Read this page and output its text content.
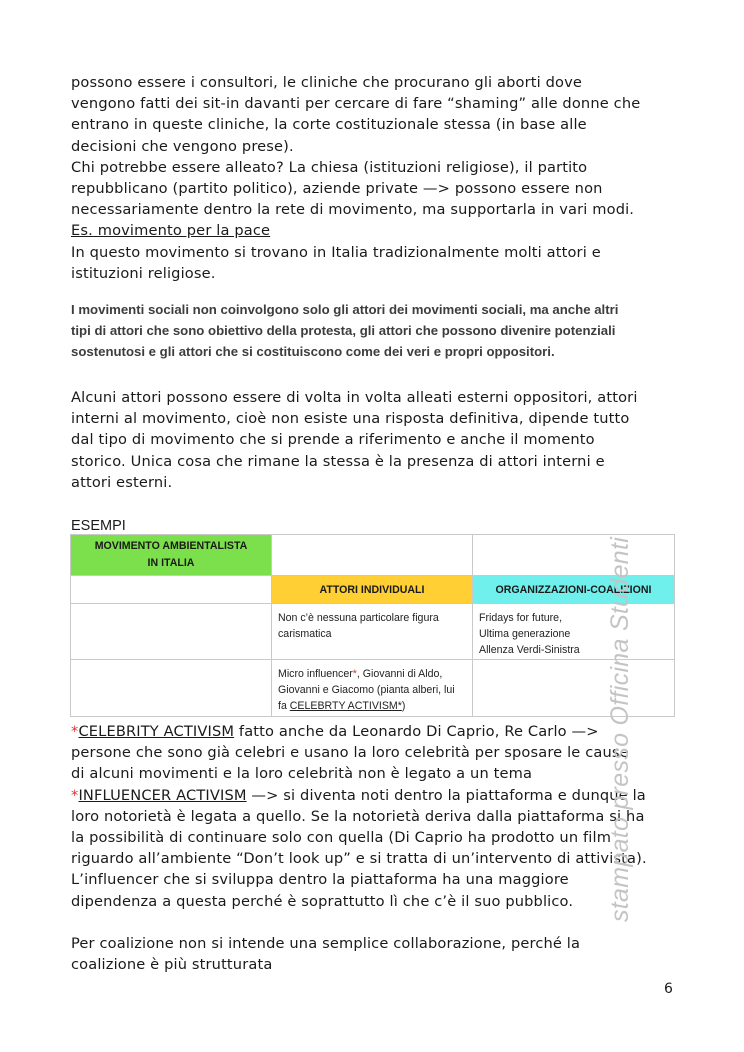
possono essere i consultori, le cliniche che procurano gli aborti dove

vengono fatti dei sit-in davanti per cercare di fare “shaming” alle donne che

entrano in queste cliniche, la corte costituzionale stessa (in base alle

decisioni che vengono prese).

Chi potrebbe essere alleato? La chiesa (istituzioni religiose), il partito

repubblicano (partito politico), aziende private —> possono essere non

necessariamente dentro la rete di movimento, ma supportarla in vari modi.

Es. movimento per la pace

In questo movimento si trovano in Italia tradizionalmente molti attori e

istituzioni religiose.

I movimenti sociali non coinvolgono solo gli attori dei movimenti sociali, ma anche altri
tipi di attori che sono obiettivo della protesta, gli attori che possono divenire potenziali
sostenutosi e gli attori che si costituiscono come dei veri e propri oppositori.

Alcuni attori possono essere di volta in volta alleati esterni oppositori, attori

interni al movimento, cioè non esiste una risposta definitiva, dipende tutto

dal tipo di movimento che si prende a riferimento e anche il momento

storico. Unica cosa che rimane la stessa è la presenza di attori interni e

attori esterni.

ESEMPI
MOVIMENTO AMBIENTALISTA IN ITALIA		
	ATTORI INDIVIDUALI	ORGANIZZAZIONI-COALIZIONI
	Non c’è nessuna particolare figura carismatica	Fridays for future,
Ultima generazione
Allenza Verdi-Sinistra

	Micro influencer*, Giovanni di Aldo, Giovanni e Giacomo (pianta alberi, lui fa CELEBRTY ACTIVISM*)	

*CELEBRITY ACTIVISM fatto anche da Leonardo Di Caprio, Re Carlo —>

persone che sono già celebri e usano la loro celebrità per sposare le cause

di alcuni movimenti e la loro celebrità non è legato a un tema

*INFLUENCER ACTIVISM —> si diventa noti dentro la piattaforma e dunque la

loro notorietà è legata a quello. Se la notorietà deriva dalla piattaforma si ha

la possibilità di continuare solo con quella (Di Caprio ha prodotto un film

riguardo all’ambiente “Don’t look up” e si tratta di un’intervento di attivista).

L’influencer che si sviluppa dentro la piattaforma ha una maggiore

dipendenza a questa perché è soprattutto lì che c’è il suo pubblico.

Per coalizione non si intende una semplice collaborazione, perché la

coalizione è più strutturata

stampato presso Officina Studenti
6
